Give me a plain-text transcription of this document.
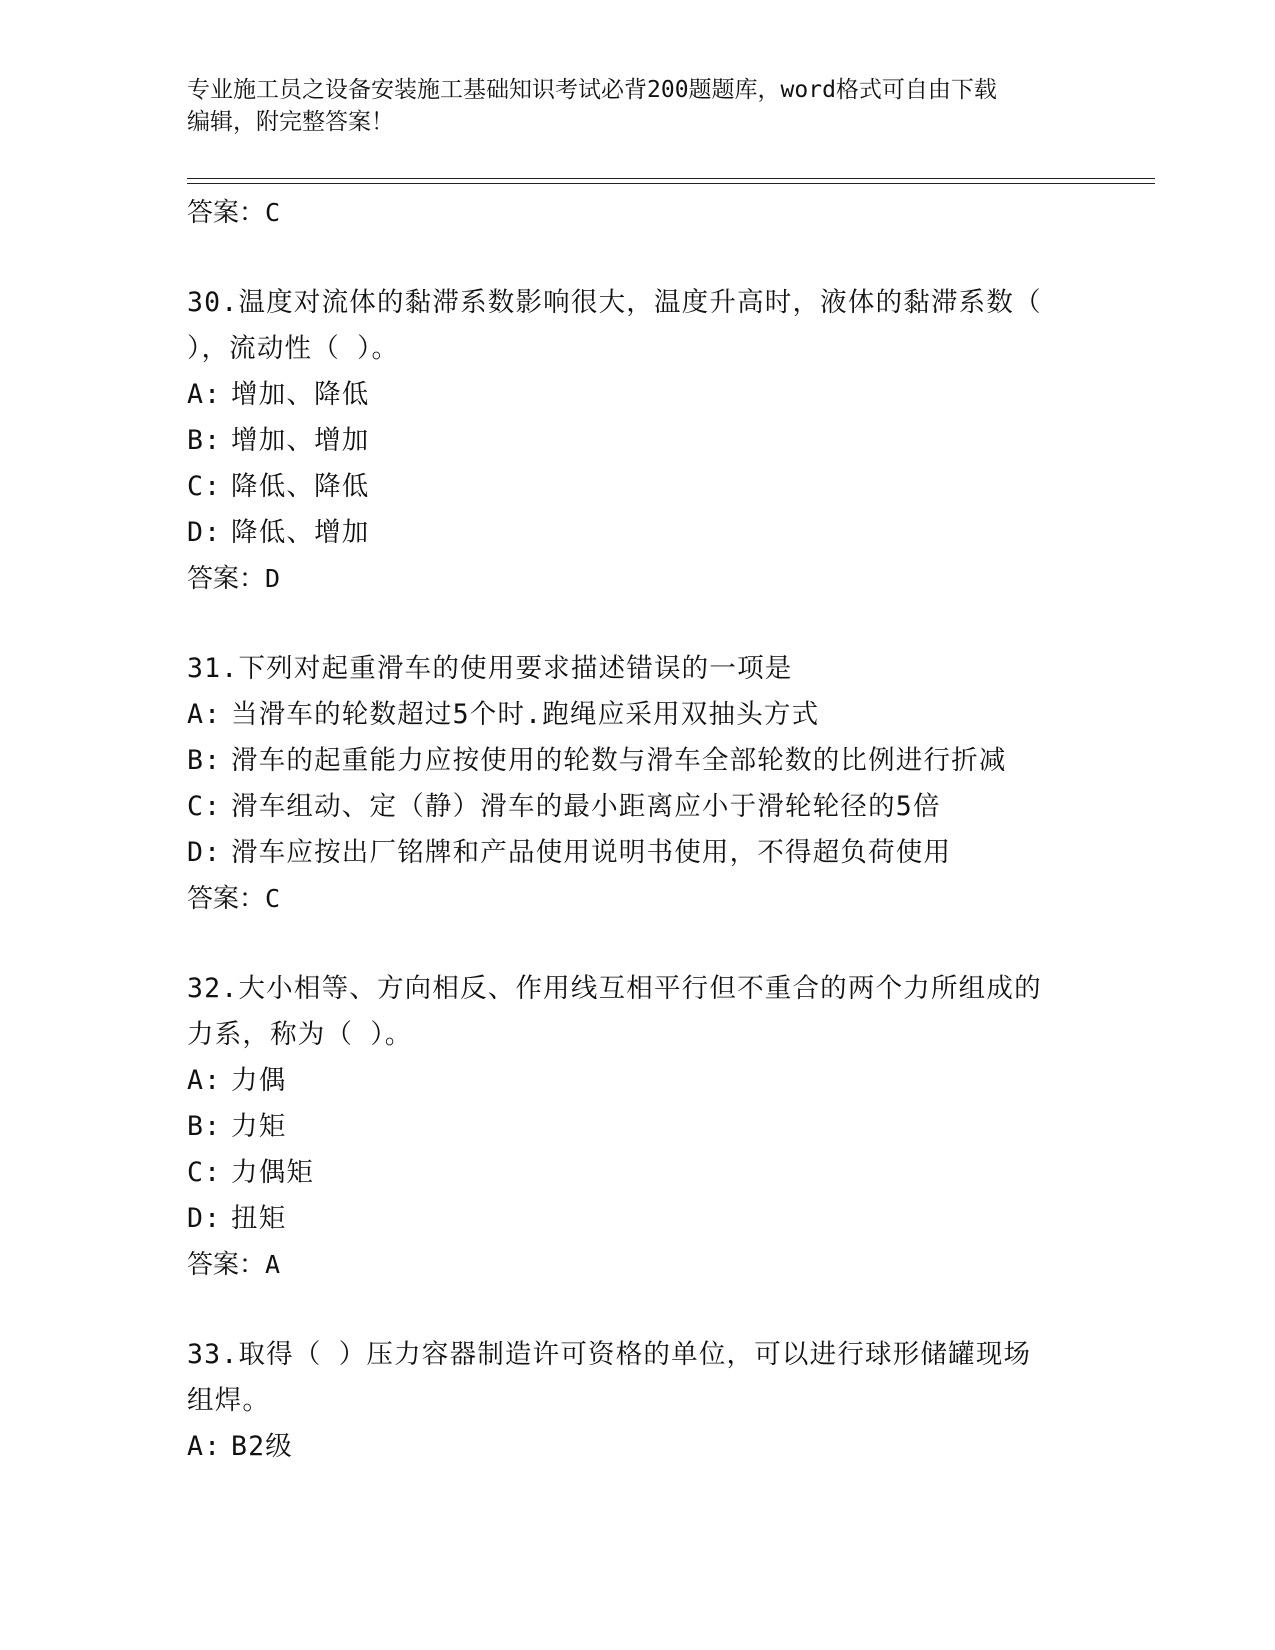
专业施工员之设备安装施工基础知识考试必背200题题库，word格式可自由下载
编辑，附完整答案！
答案：C
30.温度对流体的黏滞系数影响很大，温度升高时，液体的黏滞系数（
），流动性（ ）。
A: 增加、降低
B: 增加、增加
C: 降低、降低
D: 降低、增加
答案：D
31.下列对起重滑车的使用要求描述错误的一项是
A: 当滑车的轮数超过5个时.跑绳应采用双抽头方式
B: 滑车的起重能力应按使用的轮数与滑车全部轮数的比例进行折减
C: 滑车组动、定（静）滑车的最小距离应小于滑轮轮径的5倍
D: 滑车应按出厂铭牌和产品使用说明书使用，不得超负荷使用
答案：C
32.大小相等、方向相反、作用线互相平行但不重合的两个力所组成的
力系，称为（ ）。
A: 力偶
B: 力矩
C: 力偶矩
D: 扭矩
答案：A
33.取得（ ）压力容器制造许可资格的单位，可以进行球形储罐现场
组焊。
A: B2级
